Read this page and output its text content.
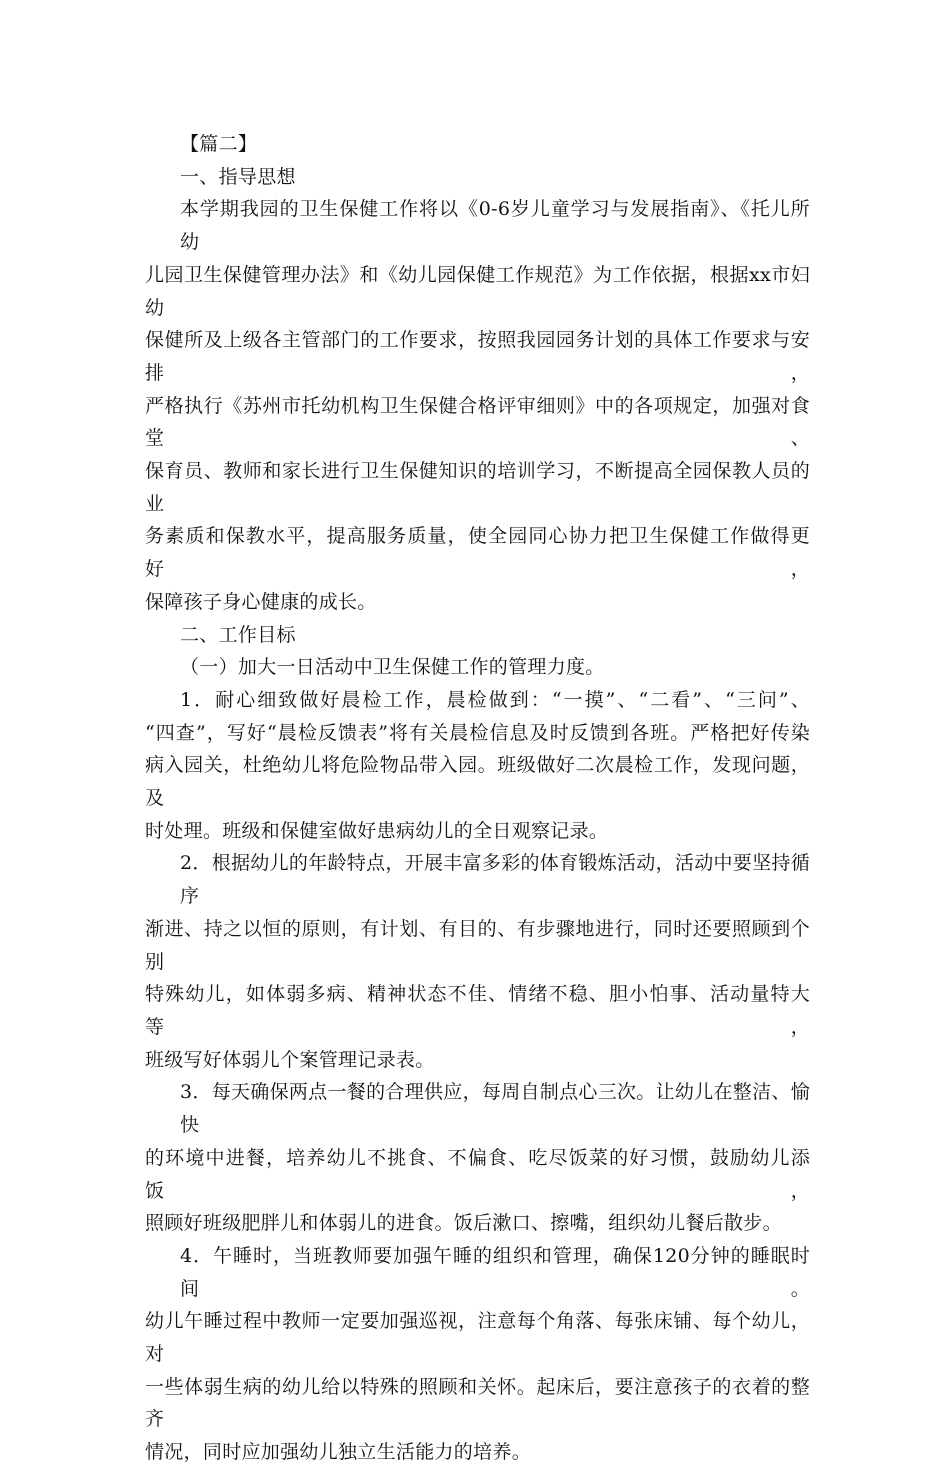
【篇二】
一、指导思想
本学期我园的卫生保健工作将以《0-6岁儿童学习与发展指南》、《托儿所幼
儿园卫生保健管理办法》和《幼儿园保健工作规范》为工作依据，根据xx市妇幼
保健所及上级各主管部门的工作要求，按照我园园务计划的具体工作要求与安排，
严格执行《苏州市托幼机构卫生保健合格评审细则》中的各项规定，加强对食堂、
保育员、教师和家长进行卫生保健知识的培训学习，不断提高全园保教人员的业
务素质和保教水平，提高服务质量，使全园同心协力把卫生保健工作做得更好，
保障孩子身心健康的成长。
二、工作目标
（一）加大一日活动中卫生保健工作的管理力度。
1．耐心细致做好晨检工作，晨检做到：“一摸”、“二看”、“三问”、
“四查”，写好“晨检反馈表”将有关晨检信息及时反馈到各班。严格把好传染
病入园关，杜绝幼儿将危险物品带入园。班级做好二次晨检工作，发现问题，及
时处理。班级和保健室做好患病幼儿的全日观察记录。
2．根据幼儿的年龄特点，开展丰富多彩的体育锻炼活动，活动中要坚持循序
渐进、持之以恒的原则，有计划、有目的、有步骤地进行，同时还要照顾到个别
特殊幼儿，如体弱多病、精神状态不佳、情绪不稳、胆小怕事、活动量特大等，
班级写好体弱儿个案管理记录表。
3．每天确保两点一餐的合理供应，每周自制点心三次。让幼儿在整洁、愉快
的环境中进餐，培养幼儿不挑食、不偏食、吃尽饭菜的好习惯，鼓励幼儿添饭，
照顾好班级肥胖儿和体弱儿的进食。饭后漱口、擦嘴，组织幼儿餐后散步。
4．午睡时，当班教师要加强午睡的组织和管理，确保120分钟的睡眠时间。
幼儿午睡过程中教师一定要加强巡视，注意每个角落、每张床铺、每个幼儿，对
一些体弱生病的幼儿给以特殊的照顾和关怀。起床后，要注意孩子的衣着的整齐
情况，同时应加强幼儿独立生活能力的培养。
